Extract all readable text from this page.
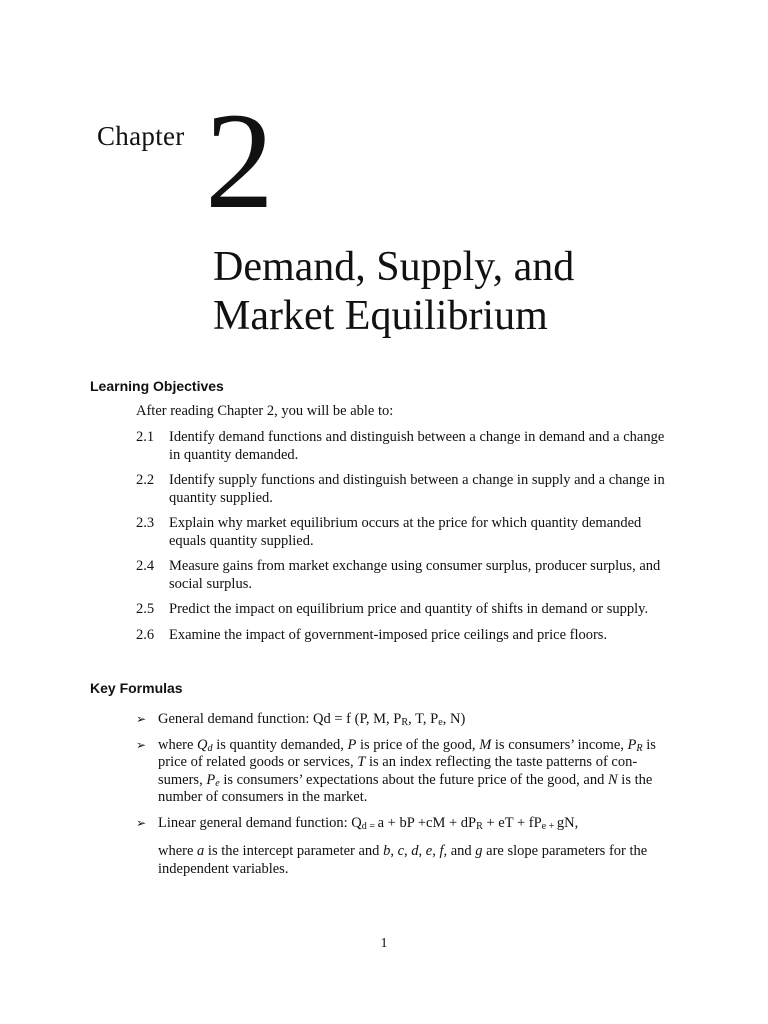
Chapter 2
Demand, Supply, and
Market Equilibrium
Learning Objectives
After reading Chapter 2, you will be able to:
2.1	Identify demand functions and distinguish between a change in demand and a change in quantity demanded.
2.2	Identify supply functions and distinguish between a change in supply and a change in quantity supplied.
2.3	Explain why market equilibrium occurs at the price for which quantity demanded equals quantity supplied.
2.4	Measure gains from market exchange using consumer surplus, producer surplus, and social surplus.
2.5	Predict the impact on equilibrium price and quantity of shifts in demand or supply.
2.6	Examine the impact of government-imposed price ceilings and price floors.
Key Formulas
➢ General demand function: Qd = f (P, M, $P_R$, T, $P_e$, N)
➢ where $Q_d$ is quantity demanded, P is price of the good, M is consumers’ income, $P_R$ is price of related goods or services, T is an index reflecting the taste patterns of con-sumers, $P_e$ is consumers’ expectations about the future price of the good, and N is the number of consumers in the market.
➢ Linear general demand function: $Q_{d =}$ a + bP $+cM + dP_R$ + eT + $fP_{e +}$ gN,
where a is the intercept parameter and b, c, d, e, f, and g are slope parameters for the independent variables.
1
